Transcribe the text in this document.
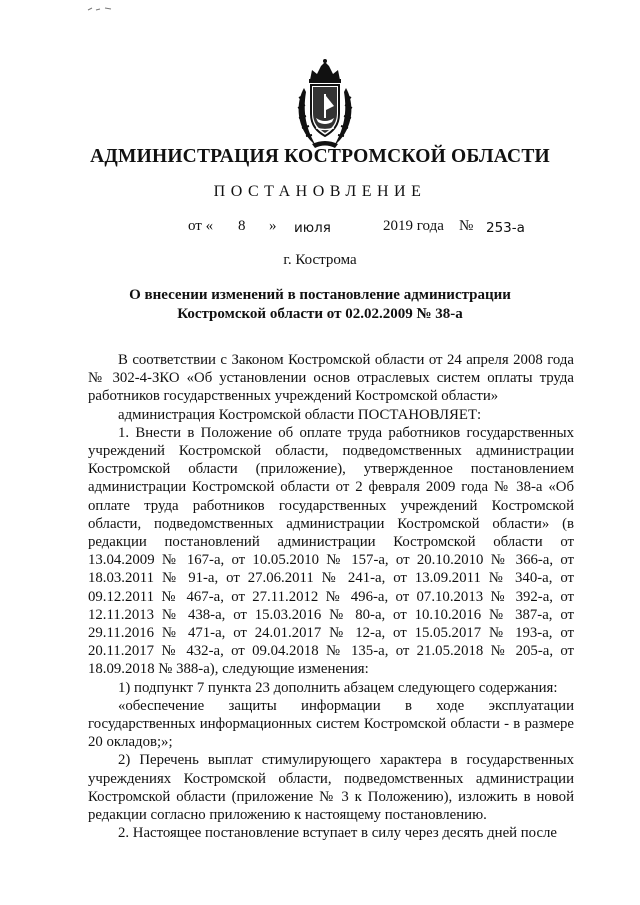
АДМИНИСТРАЦИЯ КОСТРОМСКОЙ ОБЛАСТИ
ПОСТАНОВЛЕНИЕ
от « 8 » июля	2019 года № 253-а
г. Кострома
О внесении изменений в постановление администрации
Костромской области от 02.02.2009 № 38-а

В соответствии с Законом Костромской области от 24 апреля 2008 года № 302-4-ЗКО «Об установлении основ отраслевых систем оплаты труда работников государственных учреждений Костромской области»

администрация Костромской области ПОСТАНОВЛЯЕТ:

1. Внести в Положение об оплате труда работников государственных учреждений Костромской области, подведомственных администрации Костромской области (приложение), утвержденное постановлением администрации Костромской области от 2 февраля 2009 года № 38-а «Об оплате труда работников государственных учреждений Костромской области, подведомственных администрации Костромской области» (в редакции постановлений администрации Костромской области от 13.04.2009 № 167-а, от 10.05.2010 № 157-а, от 20.10.2010 № 366-а, от 18.03.2011 № 91-а, от 27.06.2011 № 241-а, от 13.09.2011 № 340-а, от 09.12.2011 № 467-а, от 27.11.2012 № 496-а, от 07.10.2013 № 392-а, от 12.11.2013 № 438-а, от 15.03.2016 № 80-а, от 10.10.2016 № 387-а, от 29.11.2016 № 471-а, от 24.01.2017 № 12-а, от 15.05.2017 № 193-а, от 20.11.2017 № 432-а, от 09.04.2018 № 135-а, от 21.05.2018 № 205-а, от 18.09.2018 № 388-а), следующие изменения:

1) подпункт 7 пункта 23 дополнить абзацем следующего содержания:

«обеспечение защиты информации в ходе эксплуатации государственных информационных систем Костромской области - в размере 20 окладов;»;

2) Перечень выплат стимулирующего характера в государственных учреждениях Костромской области, подведомственных администрации Костромской области (приложение № 3 к Положению), изложить в новой редакции согласно приложению к настоящему постановлению.

2. Настоящее постановление вступает в силу через десять дней после
